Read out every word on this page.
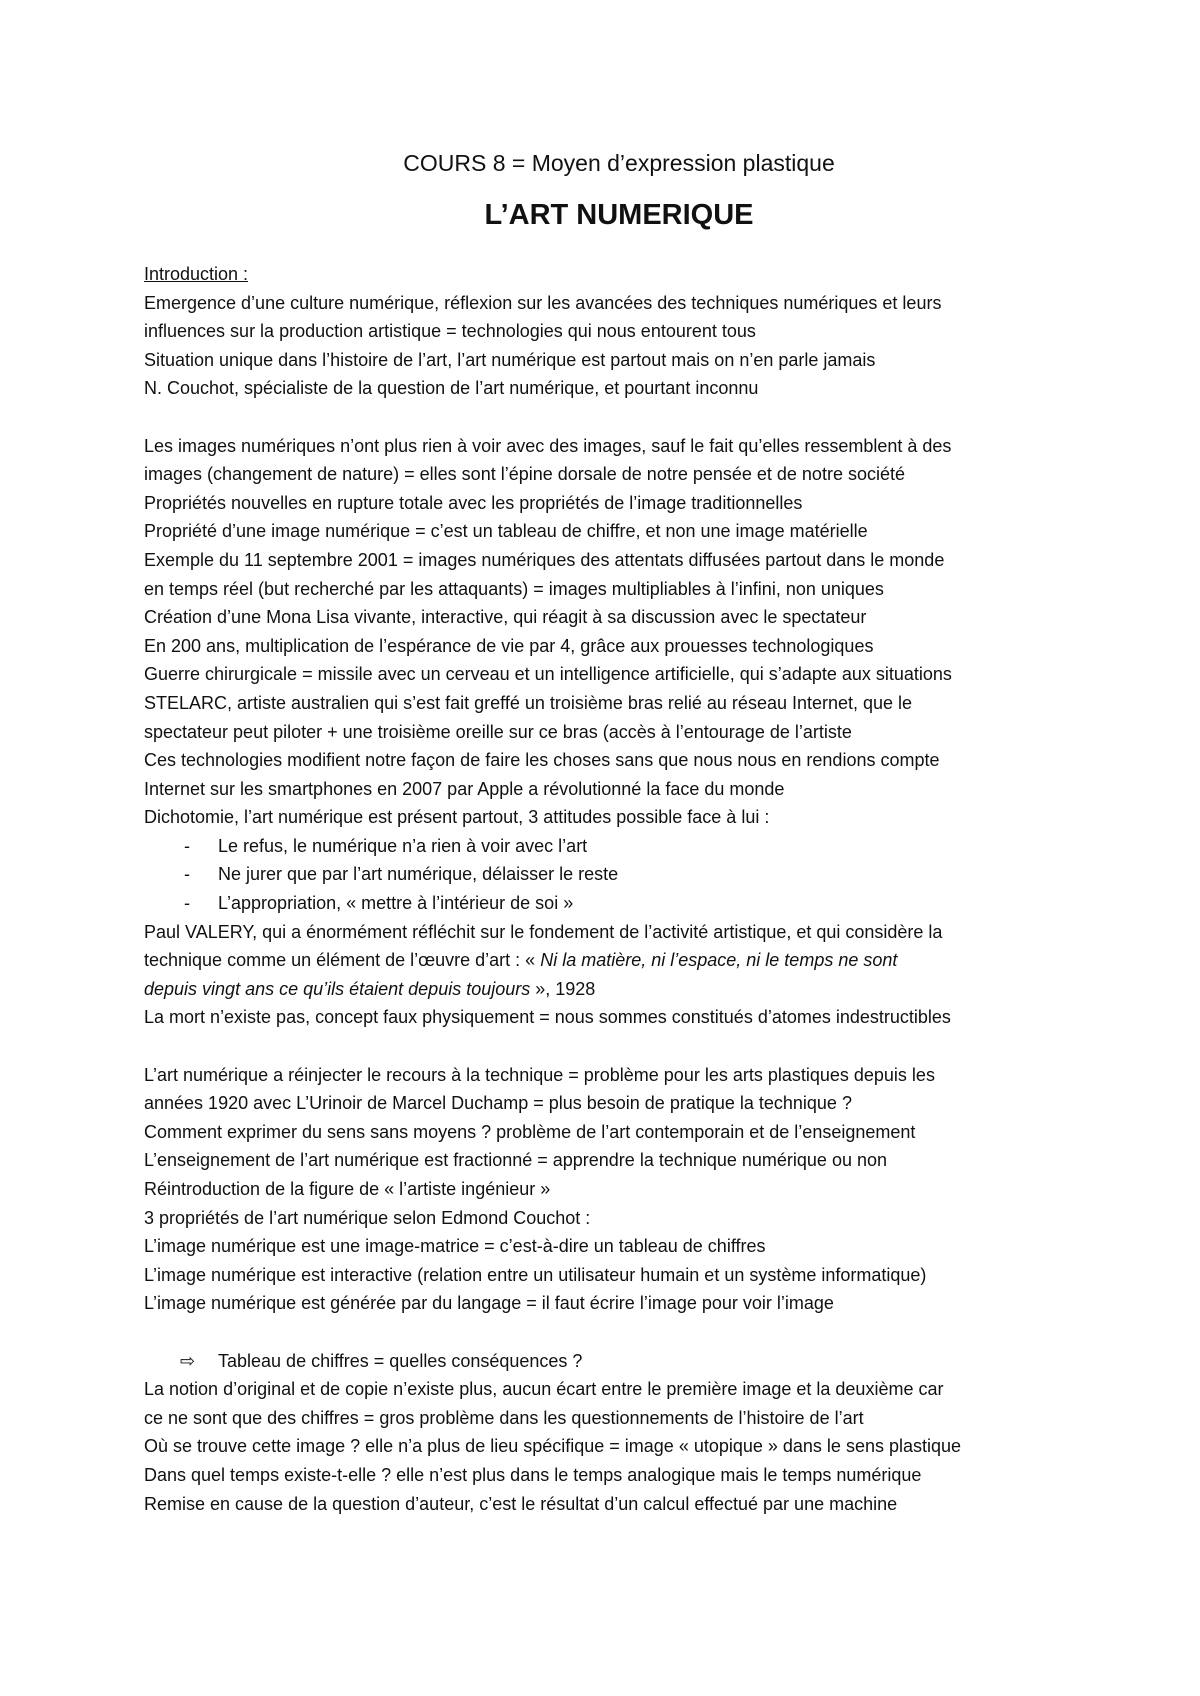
COURS 8 = Moyen d’expression plastique
L’ART NUMERIQUE
Introduction :
Emergence d’une culture numérique, réflexion sur les avancées des techniques numériques et leurs
influences sur la production artistique = technologies qui nous entourent tous
Situation unique dans l’histoire de l’art, l’art numérique est partout mais on n’en parle jamais
N. Couchot, spécialiste de la question de l’art numérique, et pourtant inconnu
Les images numériques n’ont plus rien à voir avec des images, sauf le fait qu’elles ressemblent à des
images (changement de nature) = elles sont l’épine dorsale de notre pensée et de notre société
Propriétés nouvelles en rupture totale avec les propriétés de l’image traditionnelles
Propriété d’une image numérique = c’est un tableau de chiffre, et non une image matérielle
Exemple du 11 septembre 2001 = images numériques des attentats diffusées partout dans le monde
en temps réel (but recherché par les attaquants) = images multipliables à l’infini, non uniques
Création d’une Mona Lisa vivante, interactive, qui réagit à sa discussion avec le spectateur
En 200 ans, multiplication de l’espérance de vie par 4, grâce aux prouesses technologiques
Guerre chirurgicale = missile avec un cerveau et un intelligence artificielle, qui s’adapte aux situations
STELARC, artiste australien qui s’est fait greffé un troisième bras relié au réseau Internet, que le
spectateur peut piloter + une troisième oreille sur ce bras (accès à l’entourage de l’artiste
Ces technologies modifient notre façon de faire les choses sans que nous nous en rendions compte
Internet sur les smartphones en 2007 par Apple a révolutionné la face du monde
Dichotomie, l’art numérique est présent partout, 3 attitudes possible face à lui :
- Le refus, le numérique n’a rien à voir avec l’art
- Ne jurer que par l’art numérique, délaisser le reste
- L’appropriation, « mettre à l’intérieur de soi »
Paul VALERY, qui a énormément réfléchit sur le fondement de l’activité artistique, et qui considère la
technique comme un élément de l’œuvre d’art : « Ni la matière, ni l’espace, ni le temps ne sont
depuis vingt ans ce qu’ils étaient depuis toujours », 1928
La mort n’existe pas, concept faux physiquement = nous sommes constitués d’atomes indestructibles
L’art numérique a réinjecter le recours à la technique = problème pour les arts plastiques depuis les
années 1920 avec L’Urinoir de Marcel Duchamp = plus besoin de pratique la technique ?
Comment exprimer du sens sans moyens ? problème de l’art contemporain et de l’enseignement
L’enseignement de l’art numérique est fractionné = apprendre la technique numérique ou non
Réintroduction de la figure de « l’artiste ingénieur »
3 propriétés de l’art numérique selon Edmond Couchot :
L’image numérique est une image-matrice = c’est-à-dire un tableau de chiffres
L’image numérique est interactive (relation entre un utilisateur humain et un système informatique)
L’image numérique est générée par du langage = il faut écrire l’image pour voir l’image
⇨ Tableau de chiffres = quelles conséquences ?
La notion d’original et de copie n’existe plus, aucun écart entre le première image et la deuxième car
ce ne sont que des chiffres = gros problème dans les questionnements de l’histoire de l’art
Où se trouve cette image ? elle n’a plus de lieu spécifique = image « utopique » dans le sens plastique
Dans quel temps existe-t-elle ? elle n’est plus dans le temps analogique mais le temps numérique
Remise en cause de la question d’auteur, c’est le résultat d’un calcul effectué par une machine
